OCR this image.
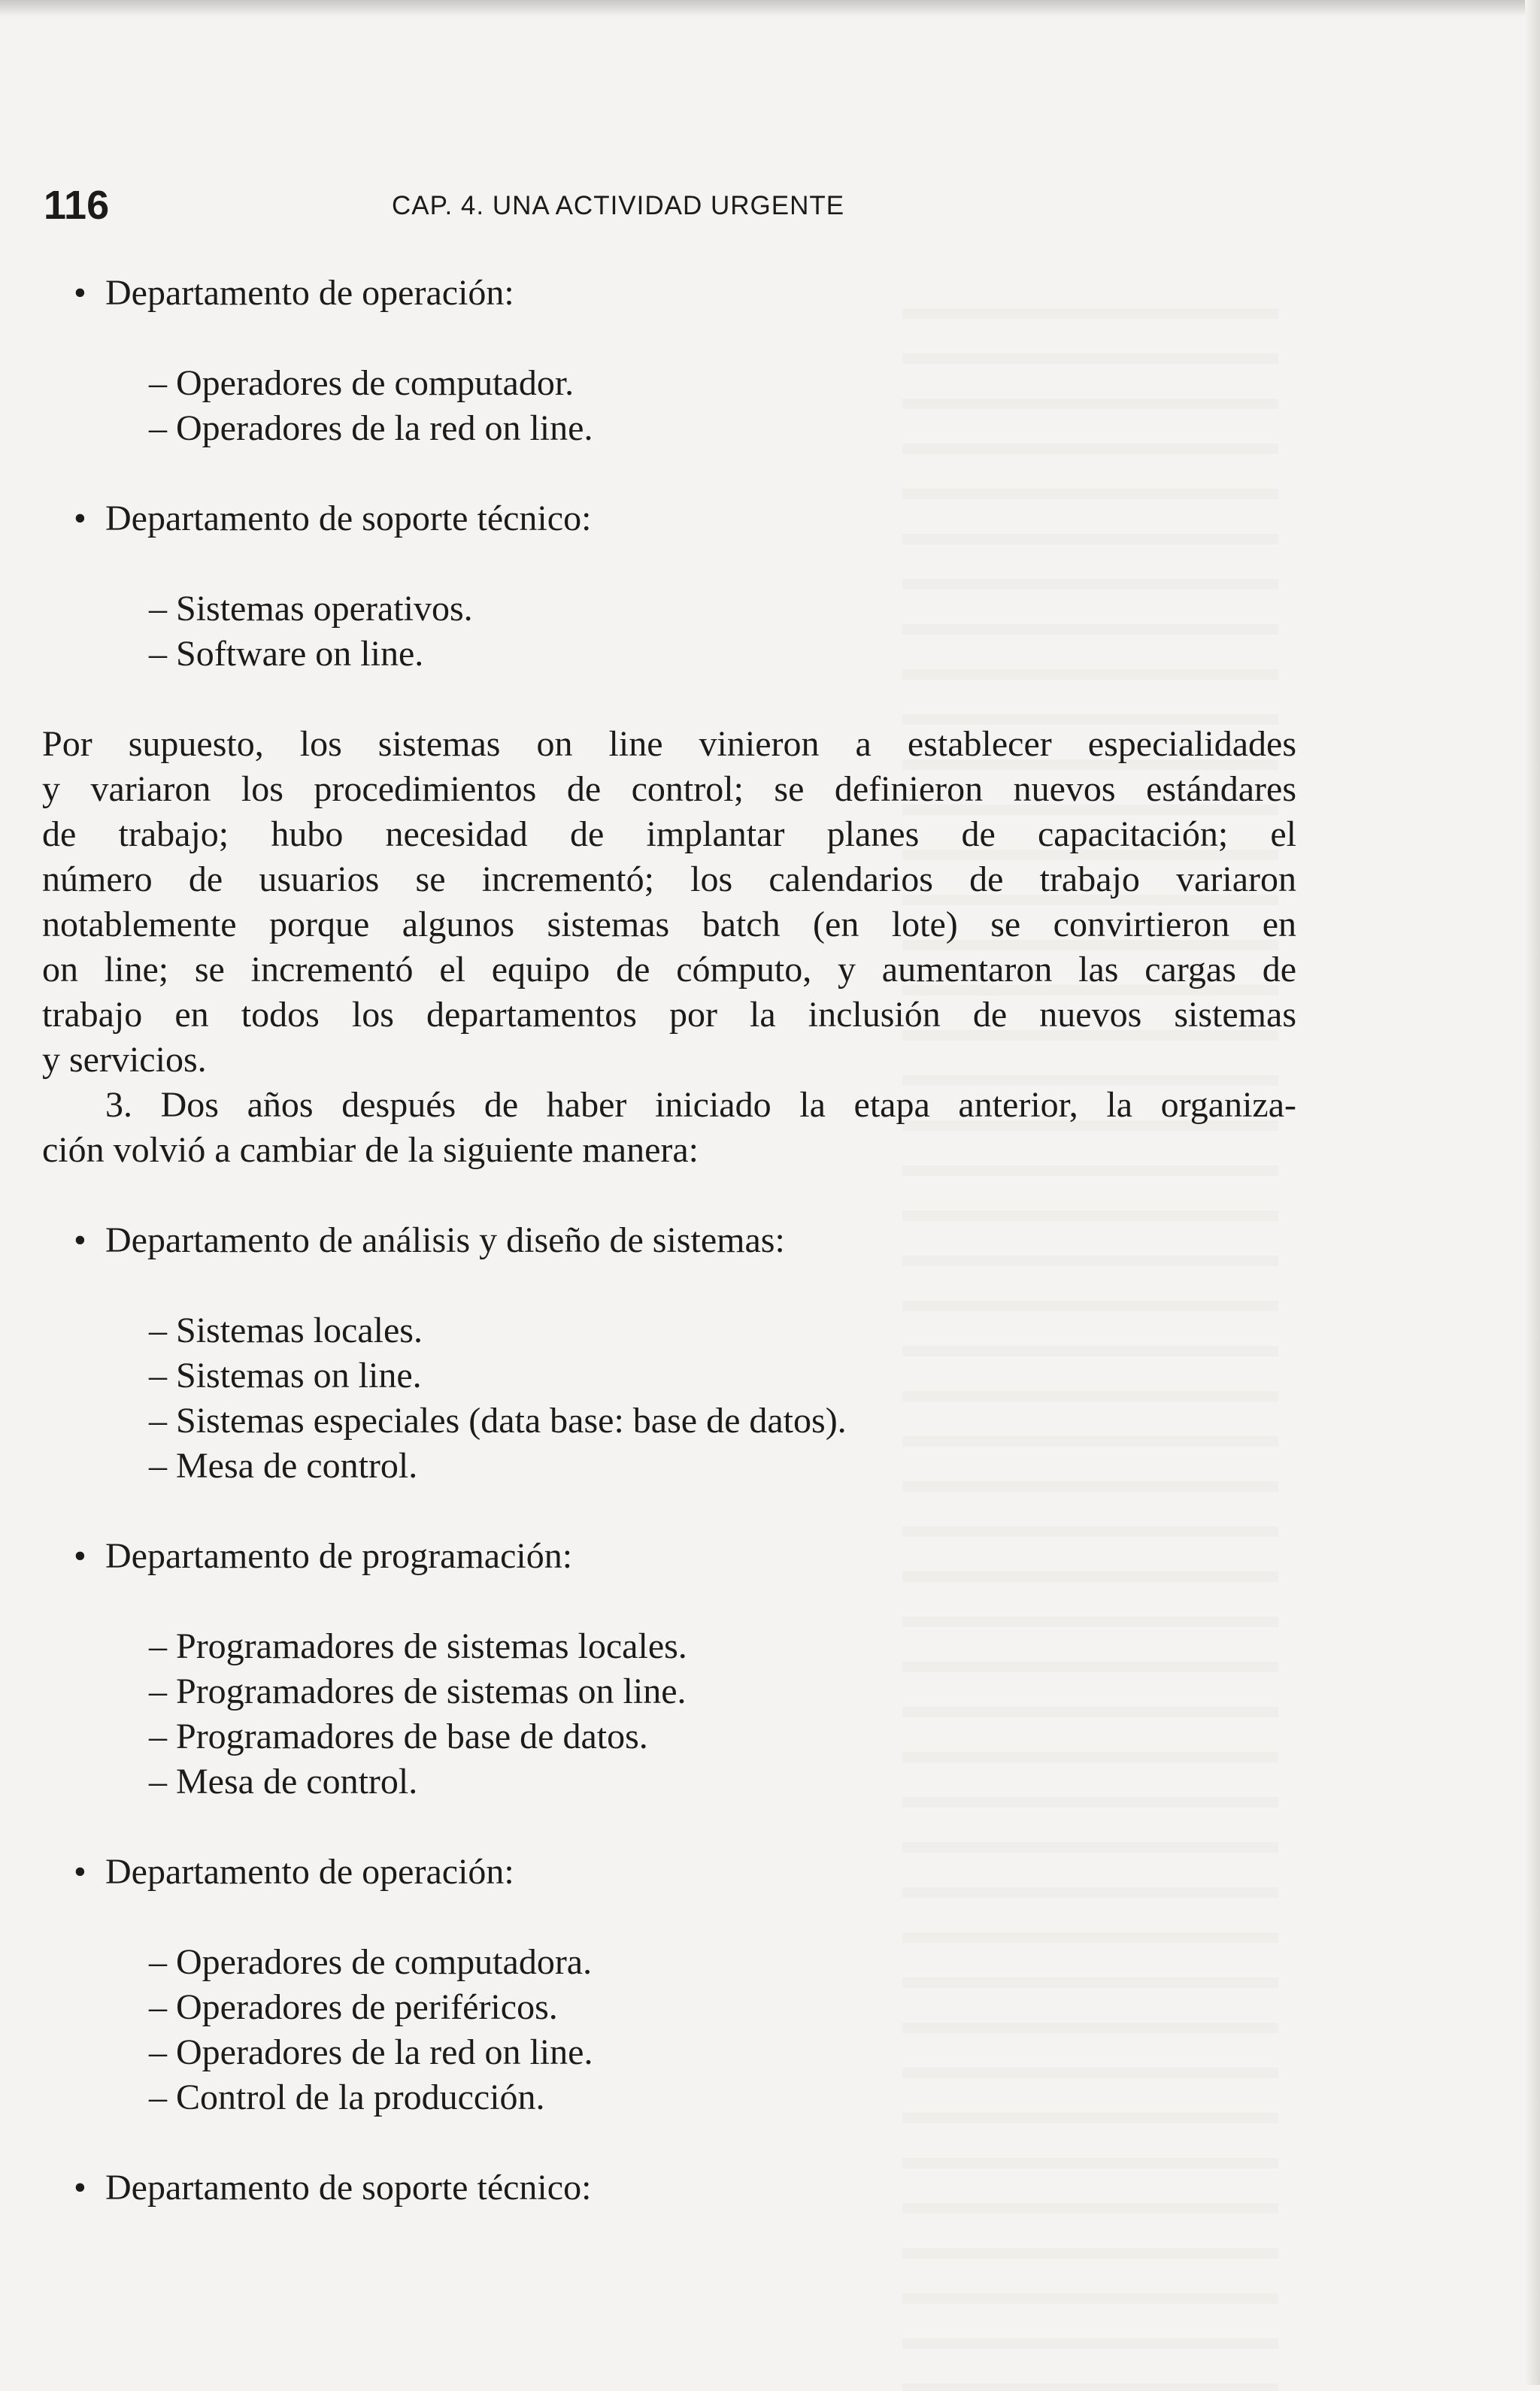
116	CAP. 4. UNA ACTIVIDAD URGENTE
• Departamento de operación:
– Operadores de computador.
– Operadores de la red on line.
• Departamento de soporte técnico:
– Sistemas operativos.
– Software on line.
Por supuesto, los sistemas on line vinieron a establecer especialidades
y variaron los procedimientos de control; se definieron nuevos estándares
de trabajo; hubo necesidad de implantar planes de capacitación; el
número de usuarios se incrementó; los calendarios de trabajo variaron
notablemente porque algunos sistemas batch (en lote) se convirtieron en
on line; se incrementó el equipo de cómputo, y aumentaron las cargas de
trabajo en todos los departamentos por la inclusión de nuevos sistemas
y servicios.
3. Dos años después de haber iniciado la etapa anterior, la organiza-
ción volvió a cambiar de la siguiente manera:
• Departamento de análisis y diseño de sistemas:
– Sistemas locales.
– Sistemas on line.
– Sistemas especiales (data base: base de datos).
– Mesa de control.
• Departamento de programación:
– Programadores de sistemas locales.
– Programadores de sistemas on line.
– Programadores de base de datos.
– Mesa de control.
• Departamento de operación:
– Operadores de computadora.
– Operadores de periféricos.
– Operadores de la red on line.
– Control de la producción.
• Departamento de soporte técnico:
